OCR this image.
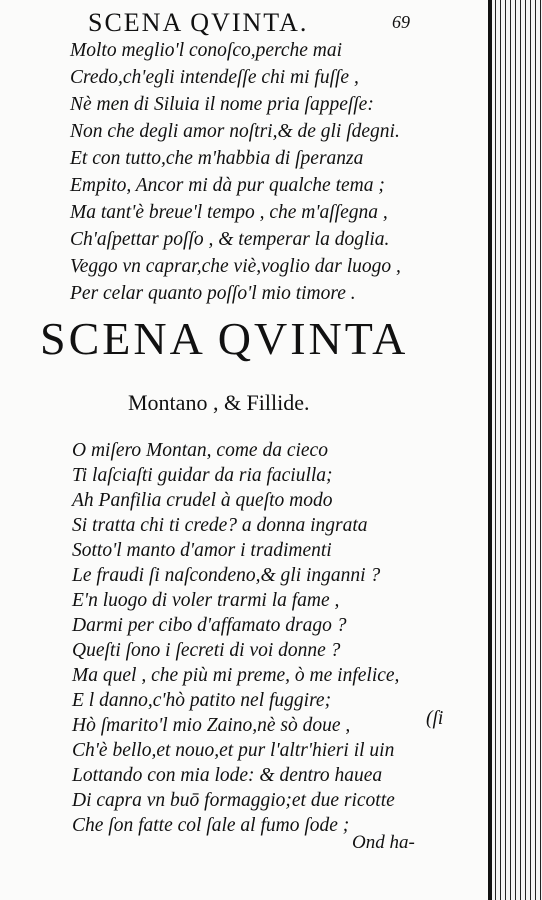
SCENA QVINTA.	69
Molto meglio'l conoſco,perche mai
Credo,ch'egli intendeſſe chi mi fuſſe ,
Nè men di Siluia il nome pria ſappeſſe:
Non che degli amor noſtri,& de gli ſdegni.
Et con tutto,che m'habbia di ſperanza
Empito, Ancor mi dà pur qualche tema ;
Ma tant'è breue'l tempo , che m'aſſegna ,
Ch'aſpettar poſſo , & temperar la doglia.
Veggo vn caprar,che viè,voglio dar luogo ,
Per celar quanto poſſo'l mio timore .
SCENA QVINTA
Montano , & Fillide.
O miſero Montan, come da cieco
Ti laſciaſti guidar da ria faciulla;
Ah Panfilia crudel à queſto modo
Si tratta chi ti crede? a donna ingrata
Sotto'l manto d'amor i tradimenti
Le fraudi ſi naſcondeno,& gli inganni ?
E'n luogo di voler trarmi la fame ,
Darmi per cibo d'affamato drago ?
Queſti ſono i ſecreti di voi donne ?
Ma quel , che più mi preme, ò me infelice,
E l danno,c'hò patito nel fuggire;
Hò ſmarito'l mio Zaino,nè sò doue ,	(ſi
Ch'è bello,et nouo,et pur l'altr'hieri il uin
Lottando con mia lode: & dentro hauea
Di capra vn buō formaggio;et due ricotte
Che ſon fatte col ſale al fumo ſode ;
Ond ha-
